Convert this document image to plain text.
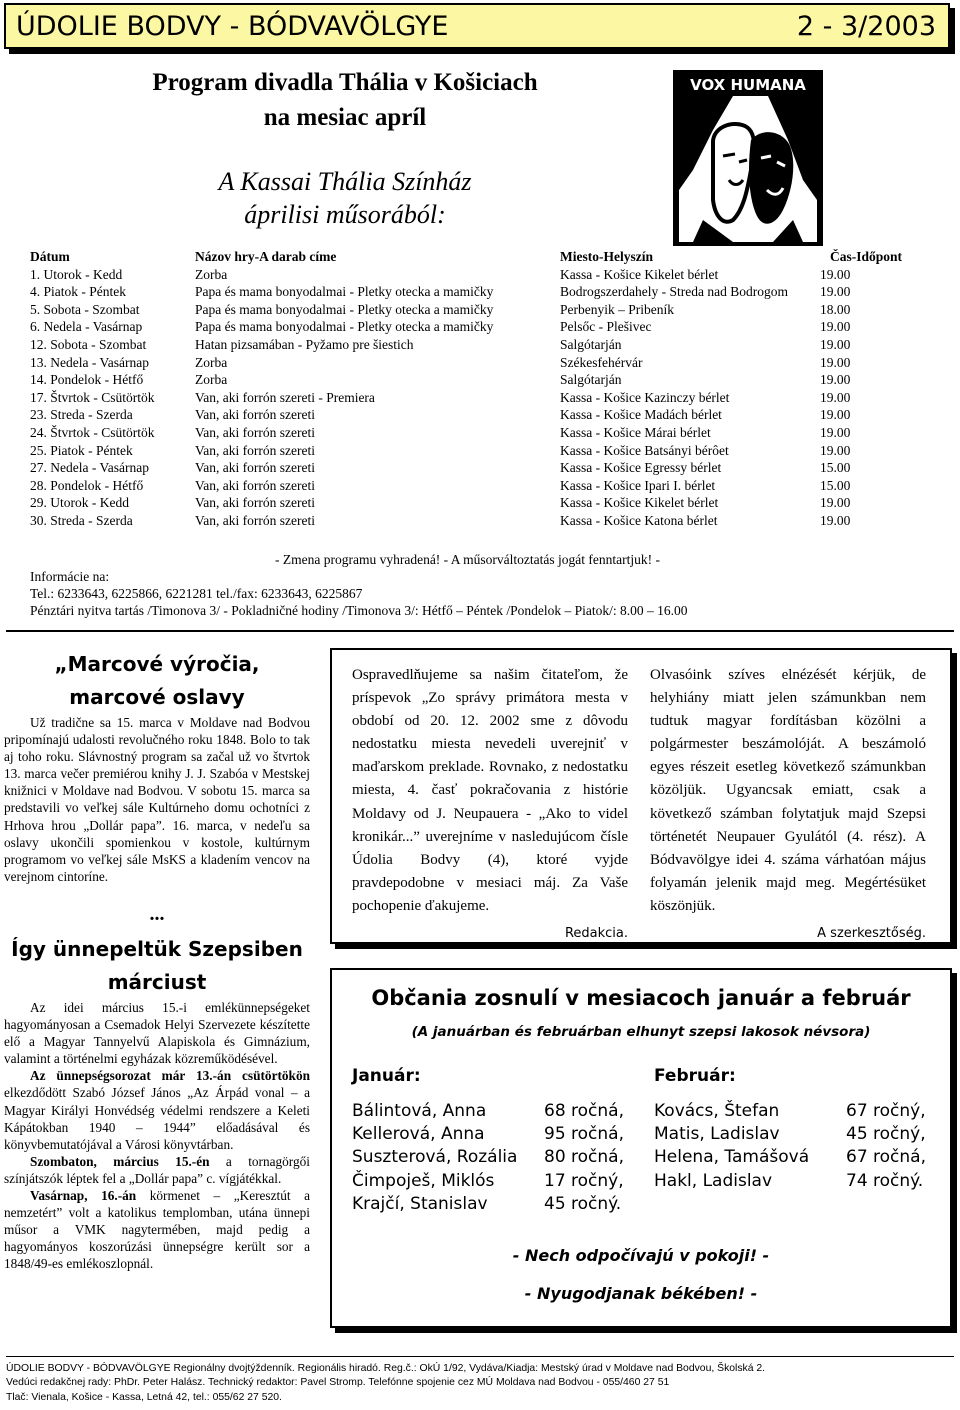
ÚDOLIE BODVY - BÓDVAVÖLGYE	2 - 3/2003
Program divadla Thália v Košiciach
na mesiac apríl
A Kassai Thália Színház
áprilisi műsorából:
VOX HUMANA
Dátum	Názov hry-A darab címe	Miesto-Helyszín	Čas-Időpont
1. Utorok - Kedd	Zorba	Kassa - Košice Kikelet bérlet	19.00
4. Piatok - Péntek	Papa és mama bonyodalmai - Pletky otecka a mamičky	Bodrogszerdahely - Streda nad Bodrogom 19.00
5. Sobota - Szombat	Papa és mama bonyodalmai - Pletky otecka a mamičky	Perbenyik – Pribeník	18.00
6. Nedela - Vasárnap	Papa és mama bonyodalmai - Pletky otecka a mamičky	Pelsőc - Plešivec	19.00
12. Sobota - Szombat	Hatan pizsamában - Pyžamo pre šiestich	Salgótarján	19.00
13. Nedela - Vasárnap	Zorba	Székesfehérvár	19.00
14. Pondelok - Hétfő	Zorba	Salgótarján	19.00
17. Štvrtok - Csütörtök	Van, aki forrón szereti - Premiera	Kassa - Košice Kazinczy bérlet	19.00
23. Streda - Szerda	Van, aki forrón szereti	Kassa - Košice Madách bérlet	19.00
24. Štvrtok - Csütörtök	Van, aki forrón szereti	Kassa - Košice Márai bérlet	19.00
25. Piatok - Péntek	Van, aki forrón szereti	Kassa - Košice Batsányi bérôet	19.00
27. Nedela - Vasárnap	Van, aki forrón szereti	Kassa - Košice Egressy bérlet	15.00
28. Pondelok - Hétfő	Van, aki forrón szereti	Kassa - Košice Ipari I. bérlet	15.00
29. Utorok - Kedd	Van, aki forrón szereti	Kassa - Košice Kikelet bérlet	19.00
30. Streda - Szerda	Van, aki forrón szereti	Kassa - Košice Katona bérlet	19.00
- Zmena programu vyhradená! - A műsorváltoztatás jogát fenntartjuk! -
Informácie na:
Tel.: 6233643, 6225866, 6221281 tel./fax: 6233643, 6225867
Pénztári nyitva tartás /Timonova 3/ - Pokladničné hodiny /Timonova 3/: Hétfő – Péntek /Pondelok – Piatok/: 8.00 – 16.00
„Marcové výročia,
marcové oslavy

Už tradične sa 15. marca v Moldave nad Bodvou pripomínajú udalosti revolučného roku 1848. Bolo to tak aj toho roku. Slávnostný program sa začal už vo štvrtok 13. marca večer premiérou knihy J. J. Szabóa v Mestskej knižnici v Moldave nad Bodvou. V sobotu 15. marca sa predstavili vo veľkej sále Kultúrneho domu ochotníci z Hrhova hrou „Dollár papa”. 16. marca, v nedeľu sa oslavy ukončili spomienkou v kostole, kultúrnym programom vo veľkej sále MsKS a kladením vencov na verejnom cintoríne.

...
Így ünnepeltük Szepsiben
márciust

Az idei március 15.-i emlékünnepségeket hagyományosan a Csemadok Helyi Szervezete készítette elő a Magyar Tannyelvű Alapiskola és Gimnázium, valamint a történelmi egyházak közreműködésével.

Az ünnepségsorozat már 13.-án csütörtökön elkezdődött Szabó József János „Az Árpád vonal – a Magyar Királyi Honvédség védelmi rendszere a Keleti Kápátokban 1940 – 1944” előadásával és könyvbemutatójával a Városi könyvtárban.

Szombaton, március 15.-én a tornagörgői színjátszók léptek fel a „Dollár papa” c. vígjátékkal.

Vasárnap, 16.-án körmenet – „Keresztút a nemzetért” volt a katolikus templomban, utána ünnepi műsor a VMK nagytermében, majd pedig a hagyományos koszorúzási ünnepségre került sor a 1848/49-es emlékoszlopnál.

Ospravedlňujeme sa našim čitateľom, že príspevok „Zo správy primátora mesta v období od 20. 12. 2002 sme z dôvodu nedostatku miesta nevedeli uverejniť v maďarskom preklade. Rovnako, z nedostatku miesta, 4. časť pokračovania z histórie Moldavy od J. Neupauera - „Ako to videl kronikár...” uverejníme v nasledujúcom čísle Údolia Bodvy (4), ktoré vyjde pravdepodobne v mesiaci máj. Za Vaše pochopenie ďakujeme.
Redakcia.
Olvasóink szíves elnézését kérjük, de helyhiány miatt jelen számunkban nem tudtuk magyar fordításban közölni a polgármester beszámolóját. A beszámoló egyes részeit esetleg következő számunkban közöljük. Ugyancsak emiatt, csak a következő számban folytatjuk majd Szepsi történetét Neupauer Gyulától (4. rész). A Bódvavölgye idei 4. száma várhatóan május folyamán jelenik majd meg. Megértésüket köszönjük.
A szerkesztőség.
Občania zosnulí v mesiacoch január a február
(A januárban és februárban elhunyt szepsi lakosok névsora)
Január:	Február:
Bálintová, Anna	68 ročná,
Kellerová, Anna	95 ročná,
Suszterová, Rozália 80 ročná,
Čimpoješ, Miklós	17 ročný,
Krajčí, Stanislav	45 ročný.
Kovács, Štefan	67 ročný,
Matis, Ladislav	45 ročný,
Helena, Tamášová 67 ročná,
Hakl, Ladislav	74 ročný.
- Nech odpočívajú v pokoji! -
- Nyugodjanak békében! -
ÚDOLIE BODVY - BÓDVAVÖLGYE Regionálny dvojtýždenník. Regionális hiradó. Reg.č.: OkÚ 1/92, Vydáva/Kiadja: Mestský úrad v Moldave nad Bodvou, Školská 2.
Vedúci redakčnej rady: PhDr. Peter Halász. Technický redaktor: Pavel Stromp. Telefónne spojenie cez MÚ Moldava nad Bodvou - 055/460 27 51
Tlač: Vienala, Košice - Kassa, Letná 42, tel.: 055/62 27 520.
